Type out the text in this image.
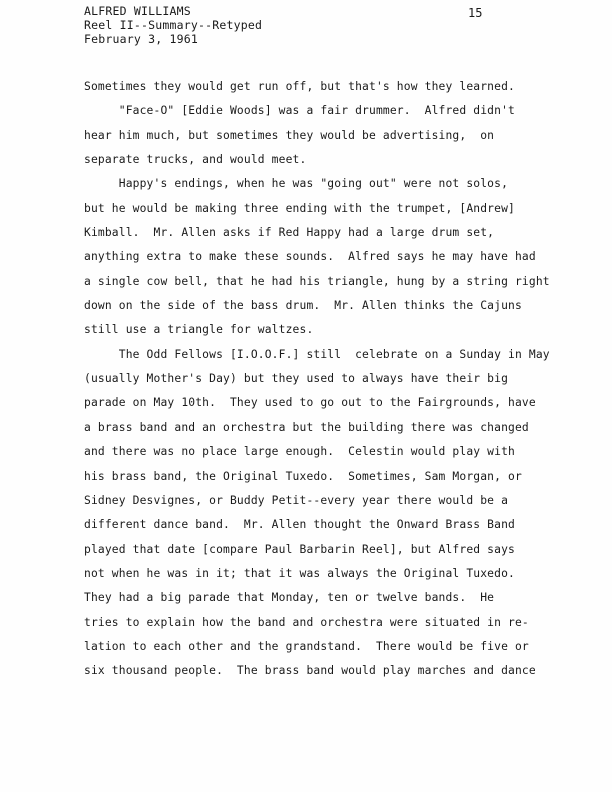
ALFRED WILLIAMS
Reel II--Summary--Retyped
February 3, 1961
15
Sometimes they would get run off, but that's how they learned.
"Face-O" [Eddie Woods] was a fair drummer.  Alfred didn't
hear him much, but sometimes they would be advertising,  on
separate trucks, and would meet.
Happy's endings, when he was "going out" were not solos,
but he would be making three ending with the trumpet, [Andrew]
Kimball.  Mr. Allen asks if Red Happy had a large drum set,
anything extra to make these sounds.  Alfred says he may have had
a single cow bell, that he had his triangle, hung by a string right
down on the side of the bass drum.  Mr. Allen thinks the Cajuns
still use a triangle for waltzes.
The Odd Fellows [I.O.O.F.] still  celebrate on a Sunday in May
(usually Mother's Day) but they used to always have their big
parade on May 10th.  They used to go out to the Fairgrounds, have
a brass band and an orchestra but the building there was changed
and there was no place large enough.  Celestin would play with
his brass band, the Original Tuxedo.  Sometimes, Sam Morgan, or
Sidney Desvignes, or Buddy Petit--every year there would be a
different dance band.  Mr. Allen thought the Onward Brass Band
played that date [compare Paul Barbarin Reel], but Alfred says
not when he was in it; that it was always the Original Tuxedo.
They had a big parade that Monday, ten or twelve bands.  He
tries to explain how the band and orchestra were situated in re-
lation to each other and the grandstand.  There would be five or
six thousand people.  The brass band would play marches and dance
